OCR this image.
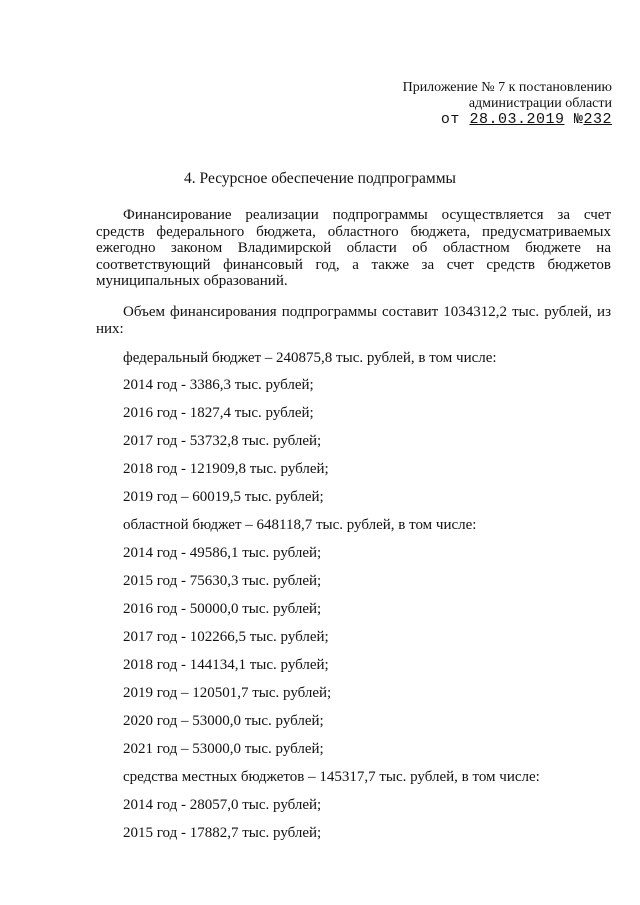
Приложение № 7 к постановлению
администрации области
от 28.03.2019 №232
4. Ресурсное обеспечение подпрограммы
Финансирование реализации подпрограммы осуществляется за счет средств федерального бюджета, областного бюджета, предусматриваемых ежегодно законом Владимирской области об областном бюджете на соответствующий финансовый год, а также за счет средств бюджетов муниципальных образований.
Объем финансирования подпрограммы составит 1034312,2 тыс. рублей, из них:
федеральный бюджет – 240875,8 тыс. рублей, в том числе:
2014 год - 3386,3 тыс. рублей;
2016 год - 1827,4 тыс. рублей;
2017 год - 53732,8 тыс. рублей;
2018 год - 121909,8 тыс. рублей;
2019 год – 60019,5 тыс. рублей;
областной бюджет – 648118,7 тыс. рублей, в том числе:
2014 год - 49586,1 тыс. рублей;
2015 год - 75630,3 тыс. рублей;
2016 год - 50000,0 тыс. рублей;
2017 год - 102266,5 тыс. рублей;
2018 год - 144134,1 тыс. рублей;
2019 год – 120501,7 тыс. рублей;
2020 год – 53000,0 тыс. рублей;
2021 год – 53000,0 тыс. рублей;
средства местных бюджетов – 145317,7 тыс. рублей, в том числе:
2014 год - 28057,0 тыс. рублей;
2015 год - 17882,7 тыс. рублей;
